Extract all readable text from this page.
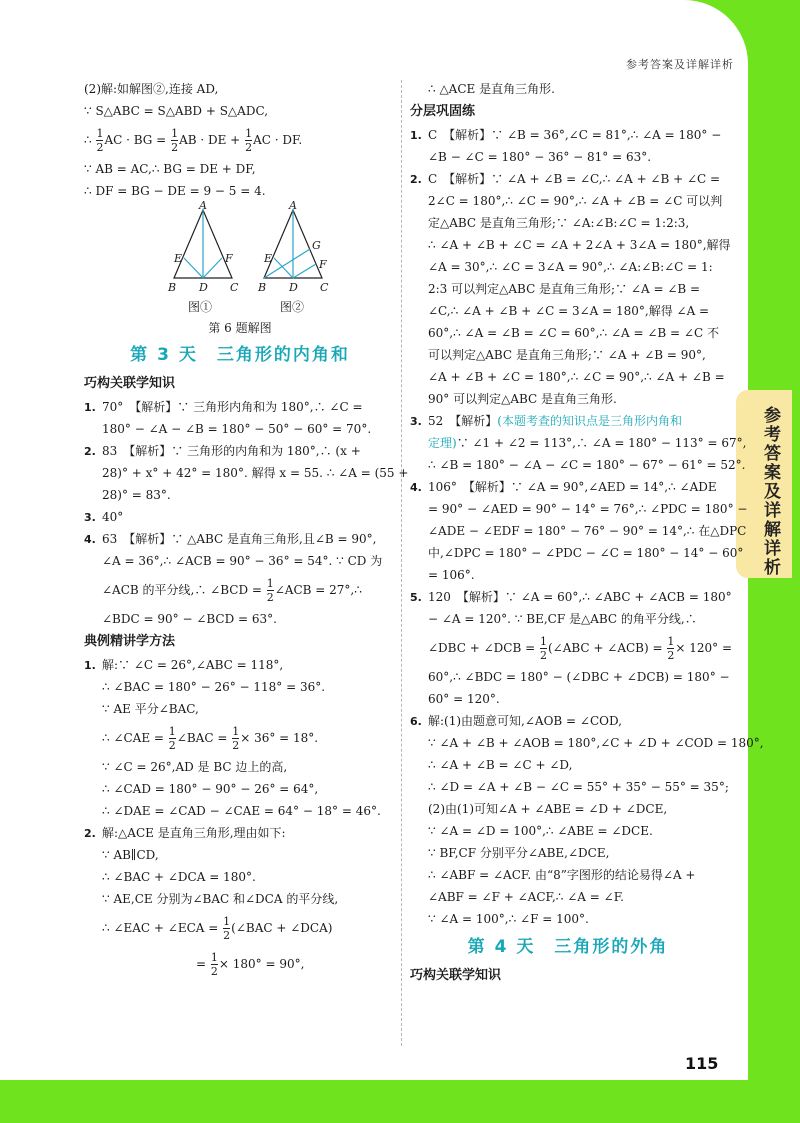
参考答案及详解详析
参考答案及详解详析
115
(2)解:如解图②,连接 AD,
∵ S△ABC = S△ABD + S△ADC,
∴ $\frac{1}{2}$ AC · BG = $\frac{1}{2}$ AB · DE + $\frac{1}{2}$ AC · DF.
∵ AB = AC,∴ BG = DE + DF,
∴ DF = BG − DE = 9 − 5 = 4.
A
B	C
D
E	F
A
B	C
D
E	F
G
图①	图②
第 6 题解图
第 3 天　三角形的内角和
巧构关联学知识
1. 70°　【解析】∵ 三角形内角和为 180°,∴ ∠C =
180° − ∠A − ∠B = 180° − 50° − 60° = 70°.
2. 83　【解析】∵ 三角形的内角和为 180°,∴ (x +
28)° + x° + 42° = 180°. 解得 x = 55. ∴ ∠A = (55 +
28)° = 83°.
3. 40°
4. 63　【解析】∵ △ABC 是直角三角形,且∠B = 90°,
∠A = 36°,∴ ∠ACB = 90° − 36° = 54°. ∵ CD 为
∠ACB 的平分线,∴ ∠BCD = $\frac{1}{2}$ ∠ACB = 27°,∴
∠BDC = 90° − ∠BCD = 63°.
典例精讲学方法
1. 解:∵ ∠C = 26°,∠ABC = 118°,
∴ ∠BAC = 180° − 26° − 118° = 36°.
∵ AE 平分∠BAC,
∴ ∠CAE = $\frac{1}{2}$ ∠BAC = $\frac{1}{2} \times 36^\circ = 18^\circ$.
∵ ∠C = 26°,AD 是 BC 边上的高,
∴ ∠CAD = 180° − 90° − 26° = 64°,
∴ ∠DAE = ∠CAD − ∠CAE = 64° − 18° = 46°.
2. 解:△ACE 是直角三角形,理由如下:
∵ AB∥CD,
∴ ∠BAC + ∠DCA = 180°.
∵ AE,CE 分别为∠BAC 和∠DCA 的平分线,
∴ ∠EAC + ∠ECA = $\frac{1}{2}$ (∠BAC + ∠DCA)
= $\frac{1}{2} \times 180^\circ = 90^\circ$,
∴ △ACE 是直角三角形.
分层巩固练
1. C　【解析】∵ ∠B = 36°,∠C = 81°,∴ ∠A = 180° −
∠B − ∠C = 180° − 36° − 81° = 63°.
2. C　【解析】∵ ∠A + ∠B = ∠C,∴ ∠A + ∠B + ∠C =
2∠C = 180°,∴ ∠C = 90°,∴ ∠A + ∠B = ∠C 可以判
定△ABC 是直角三角形;∵ ∠A:∠B:∠C = 1:2:3,
∴ ∠A + ∠B + ∠C = ∠A + 2∠A + 3∠A = 180°,解得
∠A = 30°,∴ ∠C = 3∠A = 90°,∴ ∠A:∠B:∠C = 1:
2:3 可以判定△ABC 是直角三角形;∵ ∠A = ∠B =
∠C,∴ ∠A + ∠B + ∠C = 3∠A = 180°,解得 ∠A =
60°,∴ ∠A = ∠B = ∠C = 60°,∴ ∠A = ∠B = ∠C 不
可以判定△ABC 是直角三角形;∵ ∠A + ∠B = 90°,
∠A + ∠B + ∠C = 180°,∴ ∠C = 90°,∴ ∠A + ∠B =
90° 可以判定△ABC 是直角三角形.
3. 52　【解析】(本题考查的知识点是三角形内角和
定理)∵ ∠1 + ∠2 = 113°,∴ ∠A = 180° − 113° = 67°,
∴ ∠B = 180° − ∠A − ∠C = 180° − 67° − 61° = 52°.
4. 106°　【解析】∵ ∠A = 90°,∠AED = 14°,∴ ∠ADE
= 90° − ∠AED = 90° − 14° = 76°,∴ ∠PDC = 180° −
∠ADE − ∠EDF = 180° − 76° − 90° = 14°,∴ 在△DPC
中,∠DPC = 180° − ∠PDC − ∠C = 180° − 14° − 60°
= 106°.
5. 120　【解析】∵ ∠A = 60°,∴ ∠ABC + ∠ACB = 180°
− ∠A = 120°. ∵ BE,CF 是△ABC 的角平分线,∴
∠DBC + ∠DCB = $\frac{1}{2}$ (∠ABC + ∠ACB) = $\frac{1}{2} \times 120^\circ$ =
60°,∴ ∠BDC = 180° − (∠DBC + ∠DCB) = 180° −
60° = 120°.
6. 解:(1)由题意可知,∠AOB = ∠COD,
∵ ∠A + ∠B + ∠AOB = 180°,∠C + ∠D + ∠COD = 180°,
∴ ∠A + ∠B = ∠C + ∠D,
∴ ∠D = ∠A + ∠B − ∠C = 55° + 35° − 55° = 35°;
(2)由(1)可知∠A + ∠ABE = ∠D + ∠DCE,
∵ ∠A = ∠D = 100°,∴ ∠ABE = ∠DCE.
∵ BF,CF 分别平分∠ABE,∠DCE,
∴ ∠ABF = ∠ACF. 由“8”字图形的结论易得∠A +
∠ABF = ∠F + ∠ACF,∴ ∠A = ∠F.
∵ ∠A = 100°,∴ ∠F = 100°.
第 4 天　三角形的外角
巧构关联学知识
